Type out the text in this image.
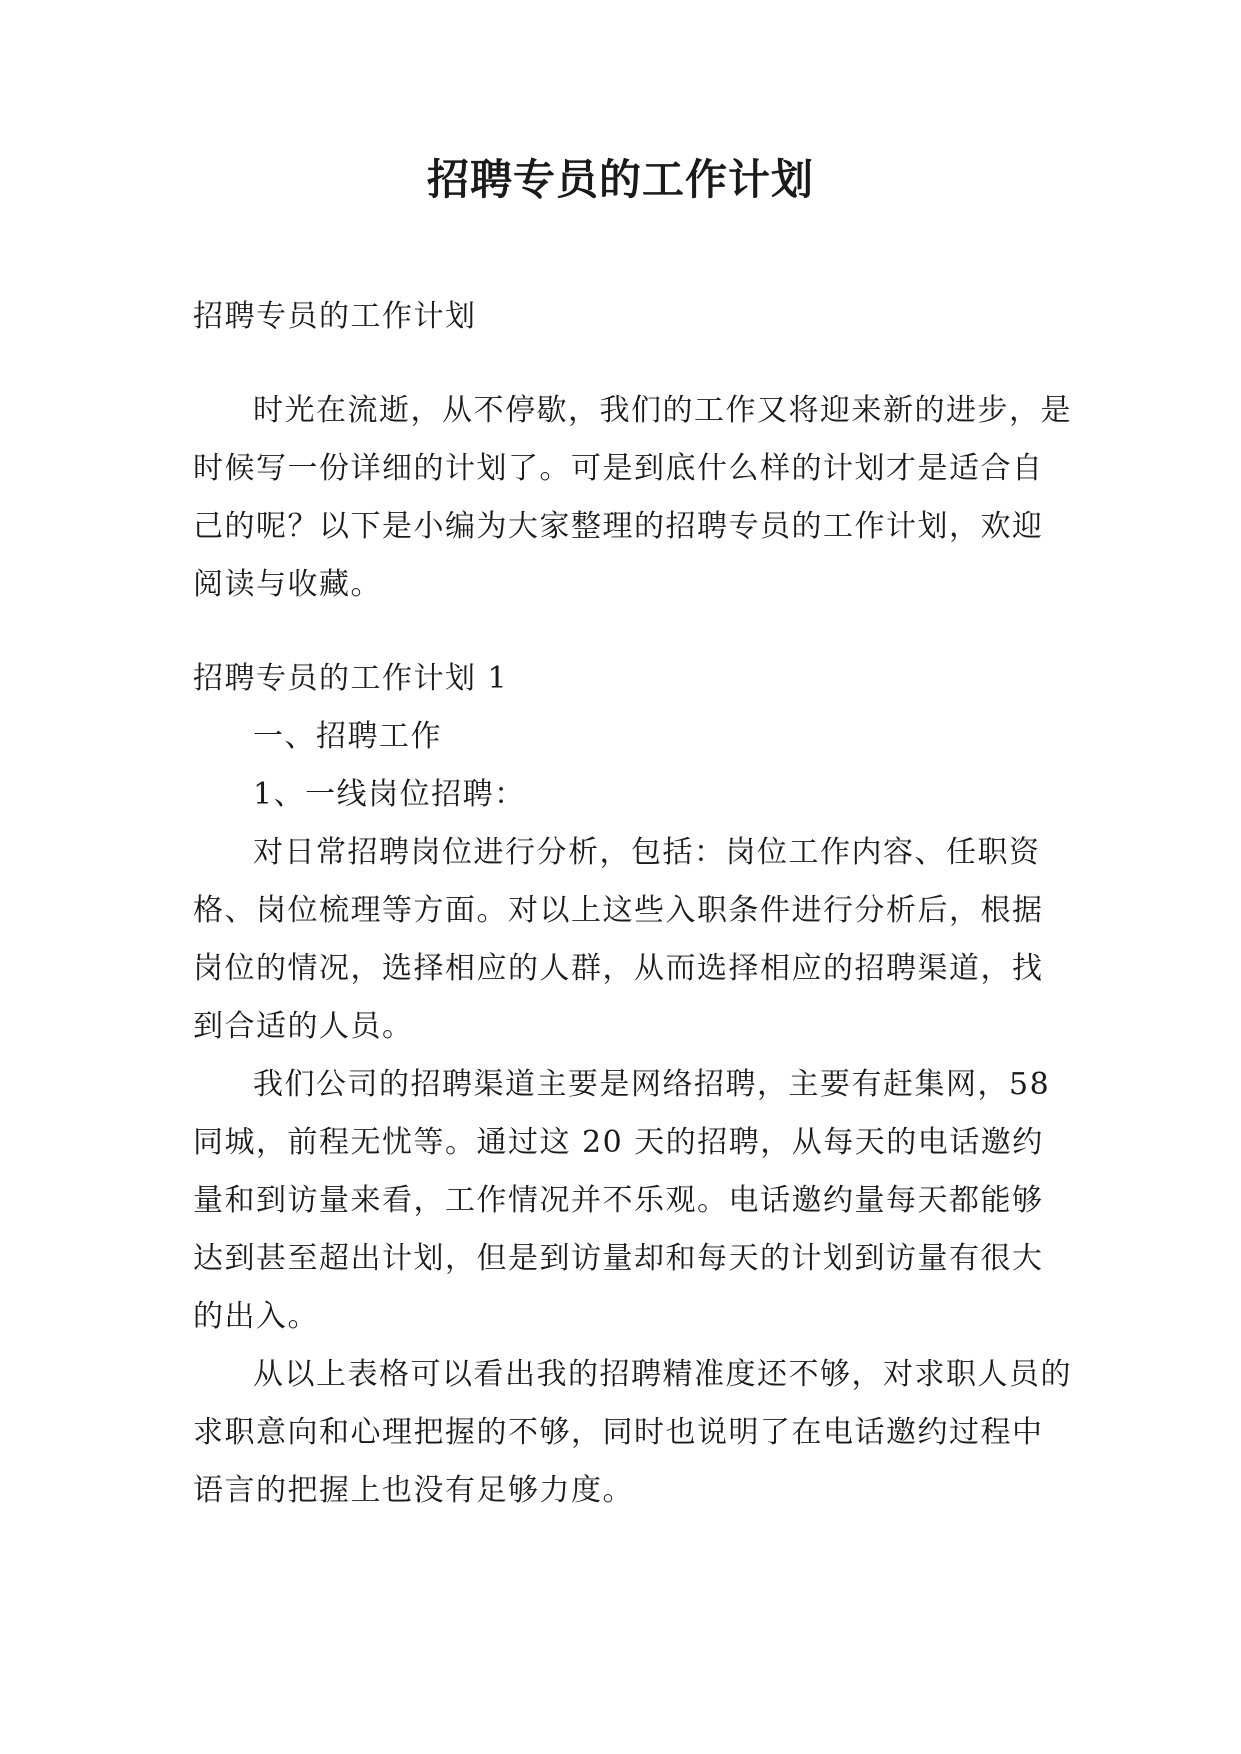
招聘专员的工作计划

招聘专员的工作计划

时光在流逝，从不停歇，我们的工作又将迎来新的进步，是时候写一份详细的计划了。可是到底什么样的计划才是适合自己的呢？以下是小编为大家整理的招聘专员的工作计划，欢迎阅读与收藏。

招聘专员的工作计划 1

一、招聘工作

1、一线岗位招聘：

对日常招聘岗位进行分析，包括：岗位工作内容、任职资格、岗位梳理等方面。对以上这些入职条件进行分析后，根据岗位的情况，选择相应的人群，从而选择相应的招聘渠道，找到合适的人员。

我们公司的招聘渠道主要是网络招聘，主要有赶集网，58 同城，前程无忧等。通过这 20 天的招聘，从每天的电话邀约量和到访量来看，工作情况并不乐观。电话邀约量每天都能够达到甚至超出计划，但是到访量却和每天的计划到访量有很大的出入。

从以上表格可以看出我的招聘精准度还不够，对求职人员的求职意向和心理把握的不够，同时也说明了在电话邀约过程中语言的把握上也没有足够力度。
